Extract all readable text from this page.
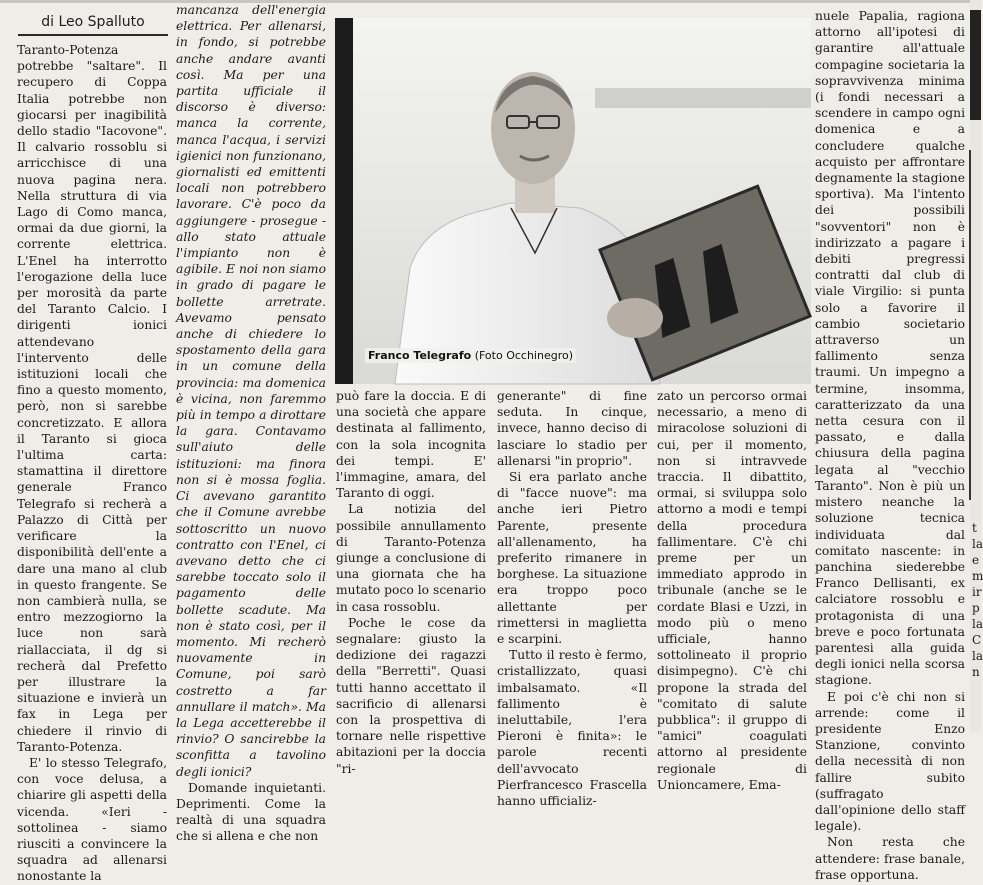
di Leo Spalluto

Taranto-Potenza potrebbe "saltare". Il recupero di Coppa Italia potrebbe non giocarsi per inagibilità dello stadio "Iacovone". Il calvario rossoblu si arricchisce di una nuova pagina nera. Nella struttura di via Lago di Como manca, ormai da due giorni, la corrente elettrica. L'Enel ha interrotto l'erogazione della luce per morosità da parte del Taranto Calcio. I dirigenti ionici attendevano l'intervento delle istituzioni locali che fino a questo momento, però, non si sarebbe concretizzato. E allora il Taranto si gioca l'ultima carta: stamattina il direttore generale Franco Telegrafo si recherà a Palazzo di Città per verificare la disponibilità dell'ente a dare una mano al club in questo frangente. Se non cambierà nulla, se entro mezzogiorno la luce non sarà riallacciata, il dg si recherà dal Prefetto per illustrare la situazione e invierà un fax in Lega per chiedere il rinvio di Taranto-Potenza.

E' lo stesso Telegrafo, con voce delusa, a chiarire gli aspetti della vicenda. «Ieri - sottolinea - siamo riusciti a convincere la squadra ad allenarsi nonostante la

mancanza dell'energia elettrica. Per allenarsi, in fondo, si potrebbe anche andare avanti così. Ma per una partita ufficiale il discorso è diverso: manca la corrente, manca l'acqua, i servizi igienici non funzionano, giornalisti ed emittenti locali non potrebbero lavorare. C'è poco da aggiungere - prosegue - allo stato attuale l'impianto non è agibile. E noi non siamo in grado di pagare le bollette arretrate. Avevamo pensato anche di chiedere lo spostamento della gara in un comune della provincia: ma domenica è vicina, non faremmo più in tempo a dirottare la gara. Contavamo sull'aiuto delle istituzioni: ma finora non si è mossa foglia. Ci avevano garantito che il Comune avrebbe sottoscritto un nuovo contratto con l'Enel, ci avevano detto che ci sarebbe toccato solo il pagamento delle bollette scadute. Ma non è stato così, per il momento. Mi recherò nuovamente in Comune, poi sarò costretto a far annullare il match». Ma la Lega accetterebbe il rinvio? O sancirebbe la sconfitta a tavolino degli ionici?

Domande inquietanti. Deprimenti. Come la realtà di una squadra che si allena e che non

Franco Telegrafo (Foto Occhinegro)

può fare la doccia. E di una società che appare destinata al fallimento, con la sola incognita dei tempi. E' l'immagine, amara, del Taranto di oggi.

La notizia del possibile annullamento di Taranto-Potenza giunge a conclusione di una giornata che ha mutato poco lo scenario in casa rossoblu.

Poche le cose da segnalare: giusto la dedizione dei ragazzi della "Berretti". Quasi tutti hanno accettato il sacrificio di allenarsi con la prospettiva di tornare nelle rispettive abitazioni per la doccia "ri-

generante" di fine seduta. In cinque, invece, hanno deciso di lasciare lo stadio per allenarsi "in proprio".

Si era parlato anche di "facce nuove": ma anche ieri Pietro Parente, presente all'allenamento, ha preferito rimanere in borghese. La situazione era troppo poco allettante per rimettersi in maglietta e scarpini.

Tutto il resto è fermo, cristallizzato, quasi imbalsamato. «Il fallimento è ineluttabile, l'era Pieroni è finita»: le parole recenti dell'avvocato Pierfrancesco Frascella hanno ufficializ-

zato un percorso ormai necessario, a meno di miracolose soluzioni di cui, per il momento, non si intravvede traccia. Il dibattito, ormai, si sviluppa solo attorno a modi e tempi della procedura fallimentare. C'è chi preme per un immediato approdo in tribunale (anche se le cordate Blasi e Uzzi, in modo più o meno ufficiale, hanno sottolineato il proprio disimpegno). C'è chi propone la strada del "comitato di salute pubblica": il gruppo di "amici" coagulati attorno al presidente regionale di Unioncamere, Ema-

nuele Papalia, ragiona attorno all'ipotesi di garantire all'attuale compagine societaria la sopravvivenza minima (i fondi necessari a scendere in campo ogni domenica e a concludere qualche acquisto per affrontare degnamente la stagione sportiva). Ma l'intento dei possibili "sovventori" non è indirizzato a pagare i debiti pregressi contratti dal club di viale Virgilio: si punta solo a favorire il cambio societario attraverso un fallimento senza traumi. Un impegno a termine, insomma, caratterizzato da una netta cesura con il passato, e dalla chiusura della pagina legata al "vecchio Taranto". Non è più un mistero neanche la soluzione tecnica individuata dal comitato nascente: in panchina siederebbe Franco Dellisanti, ex calciatore rossoblu e protagonista di una breve e poco fortunata parentesi alla guida degli ionici nella scorsa stagione.

E poi c'è chi non si arrende: come il presidente Enzo Stanzione, convinto della necessità di non fallire subito (suffragato dall'opinione dello staff legale).

Non resta che attendere: frase banale, frase opportuna.

t
la
e
m
ir
p
la
C
la
n
